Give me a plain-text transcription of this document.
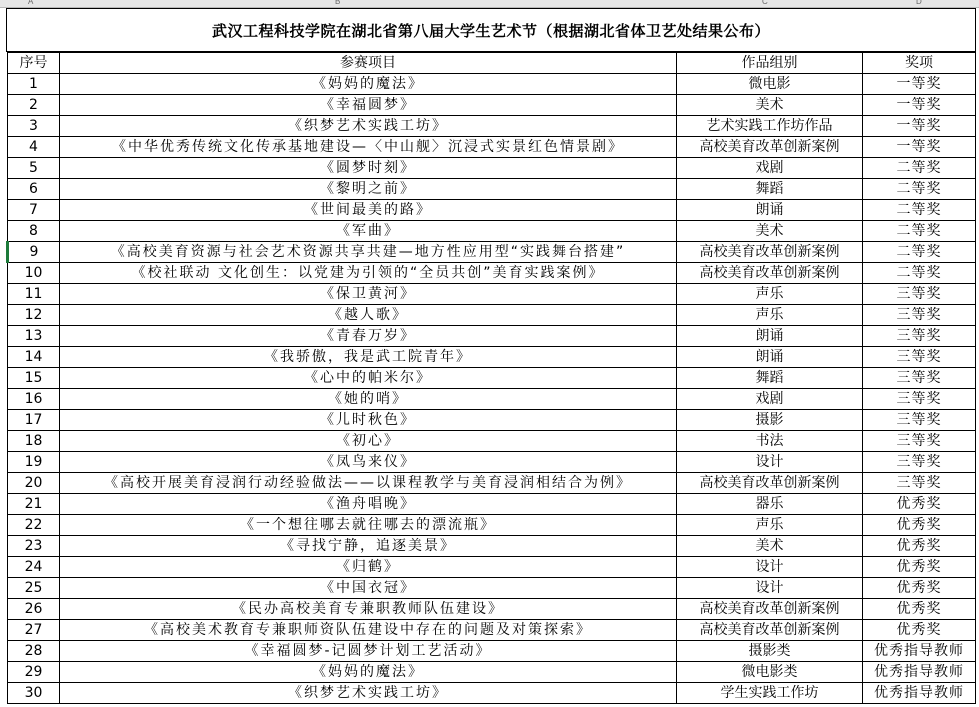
A	B	C	D
武汉工程科技学院在湖北省第八届大学生艺术节（根据湖北省体卫艺处结果公布）
序号	参赛项目	作品组别	奖项
1	《妈妈的魔法》	微电影	一等奖
2	《幸福圆梦》	美术	一等奖
3	《织梦艺术实践工坊》	艺术实践工作坊作品	一等奖
4	《中华优秀传统文化传承基地建设—〈中山舰〉沉浸式实景红色情景剧》	高校美育改革创新案例	一等奖
5	《圆梦时刻》	戏剧	二等奖
6	《黎明之前》	舞蹈	二等奖
7	《世间最美的路》	朗诵	二等奖
8	《军曲》	美术	二等奖
9	《高校美育资源与社会艺术资源共享共建—地方性应用型“实践舞台搭建”	高校美育改革创新案例	二等奖
10	《校社联动 文化创生：以党建为引领的“全员共创”美育实践案例》	高校美育改革创新案例	二等奖
11	《保卫黄河》	声乐	三等奖
12	《越人歌》	声乐	三等奖
13	《青春万岁》	朗诵	三等奖
14	《我骄傲，我是武工院青年》	朗诵	三等奖
15	《心中的帕米尔》	舞蹈	三等奖
16	《她的哨》	戏剧	三等奖
17	《儿时秋色》	摄影	三等奖
18	《初心》	书法	三等奖
19	《凤鸟来仪》	设计	三等奖
20	《高校开展美育浸润行动经验做法——以课程教学与美育浸润相结合为例》	高校美育改革创新案例	三等奖
21	《渔舟唱晚》	器乐	优秀奖
22	《一个想往哪去就往哪去的漂流瓶》	声乐	优秀奖
23	《寻找宁静，追逐美景》	美术	优秀奖
24	《归鹤》	设计	优秀奖
25	《中国衣冠》	设计	优秀奖
26	《民办高校美育专兼职教师队伍建设》	高校美育改革创新案例	优秀奖
27	《高校美术教育专兼职师资队伍建设中存在的问题及对策探索》	高校美育改革创新案例	优秀奖
28	《幸福圆梦-记圆梦计划工艺活动》	摄影类	优秀指导教师
29	《妈妈的魔法》	微电影类	优秀指导教师
30	《织梦艺术实践工坊》	学生实践工作坊	优秀指导教师
